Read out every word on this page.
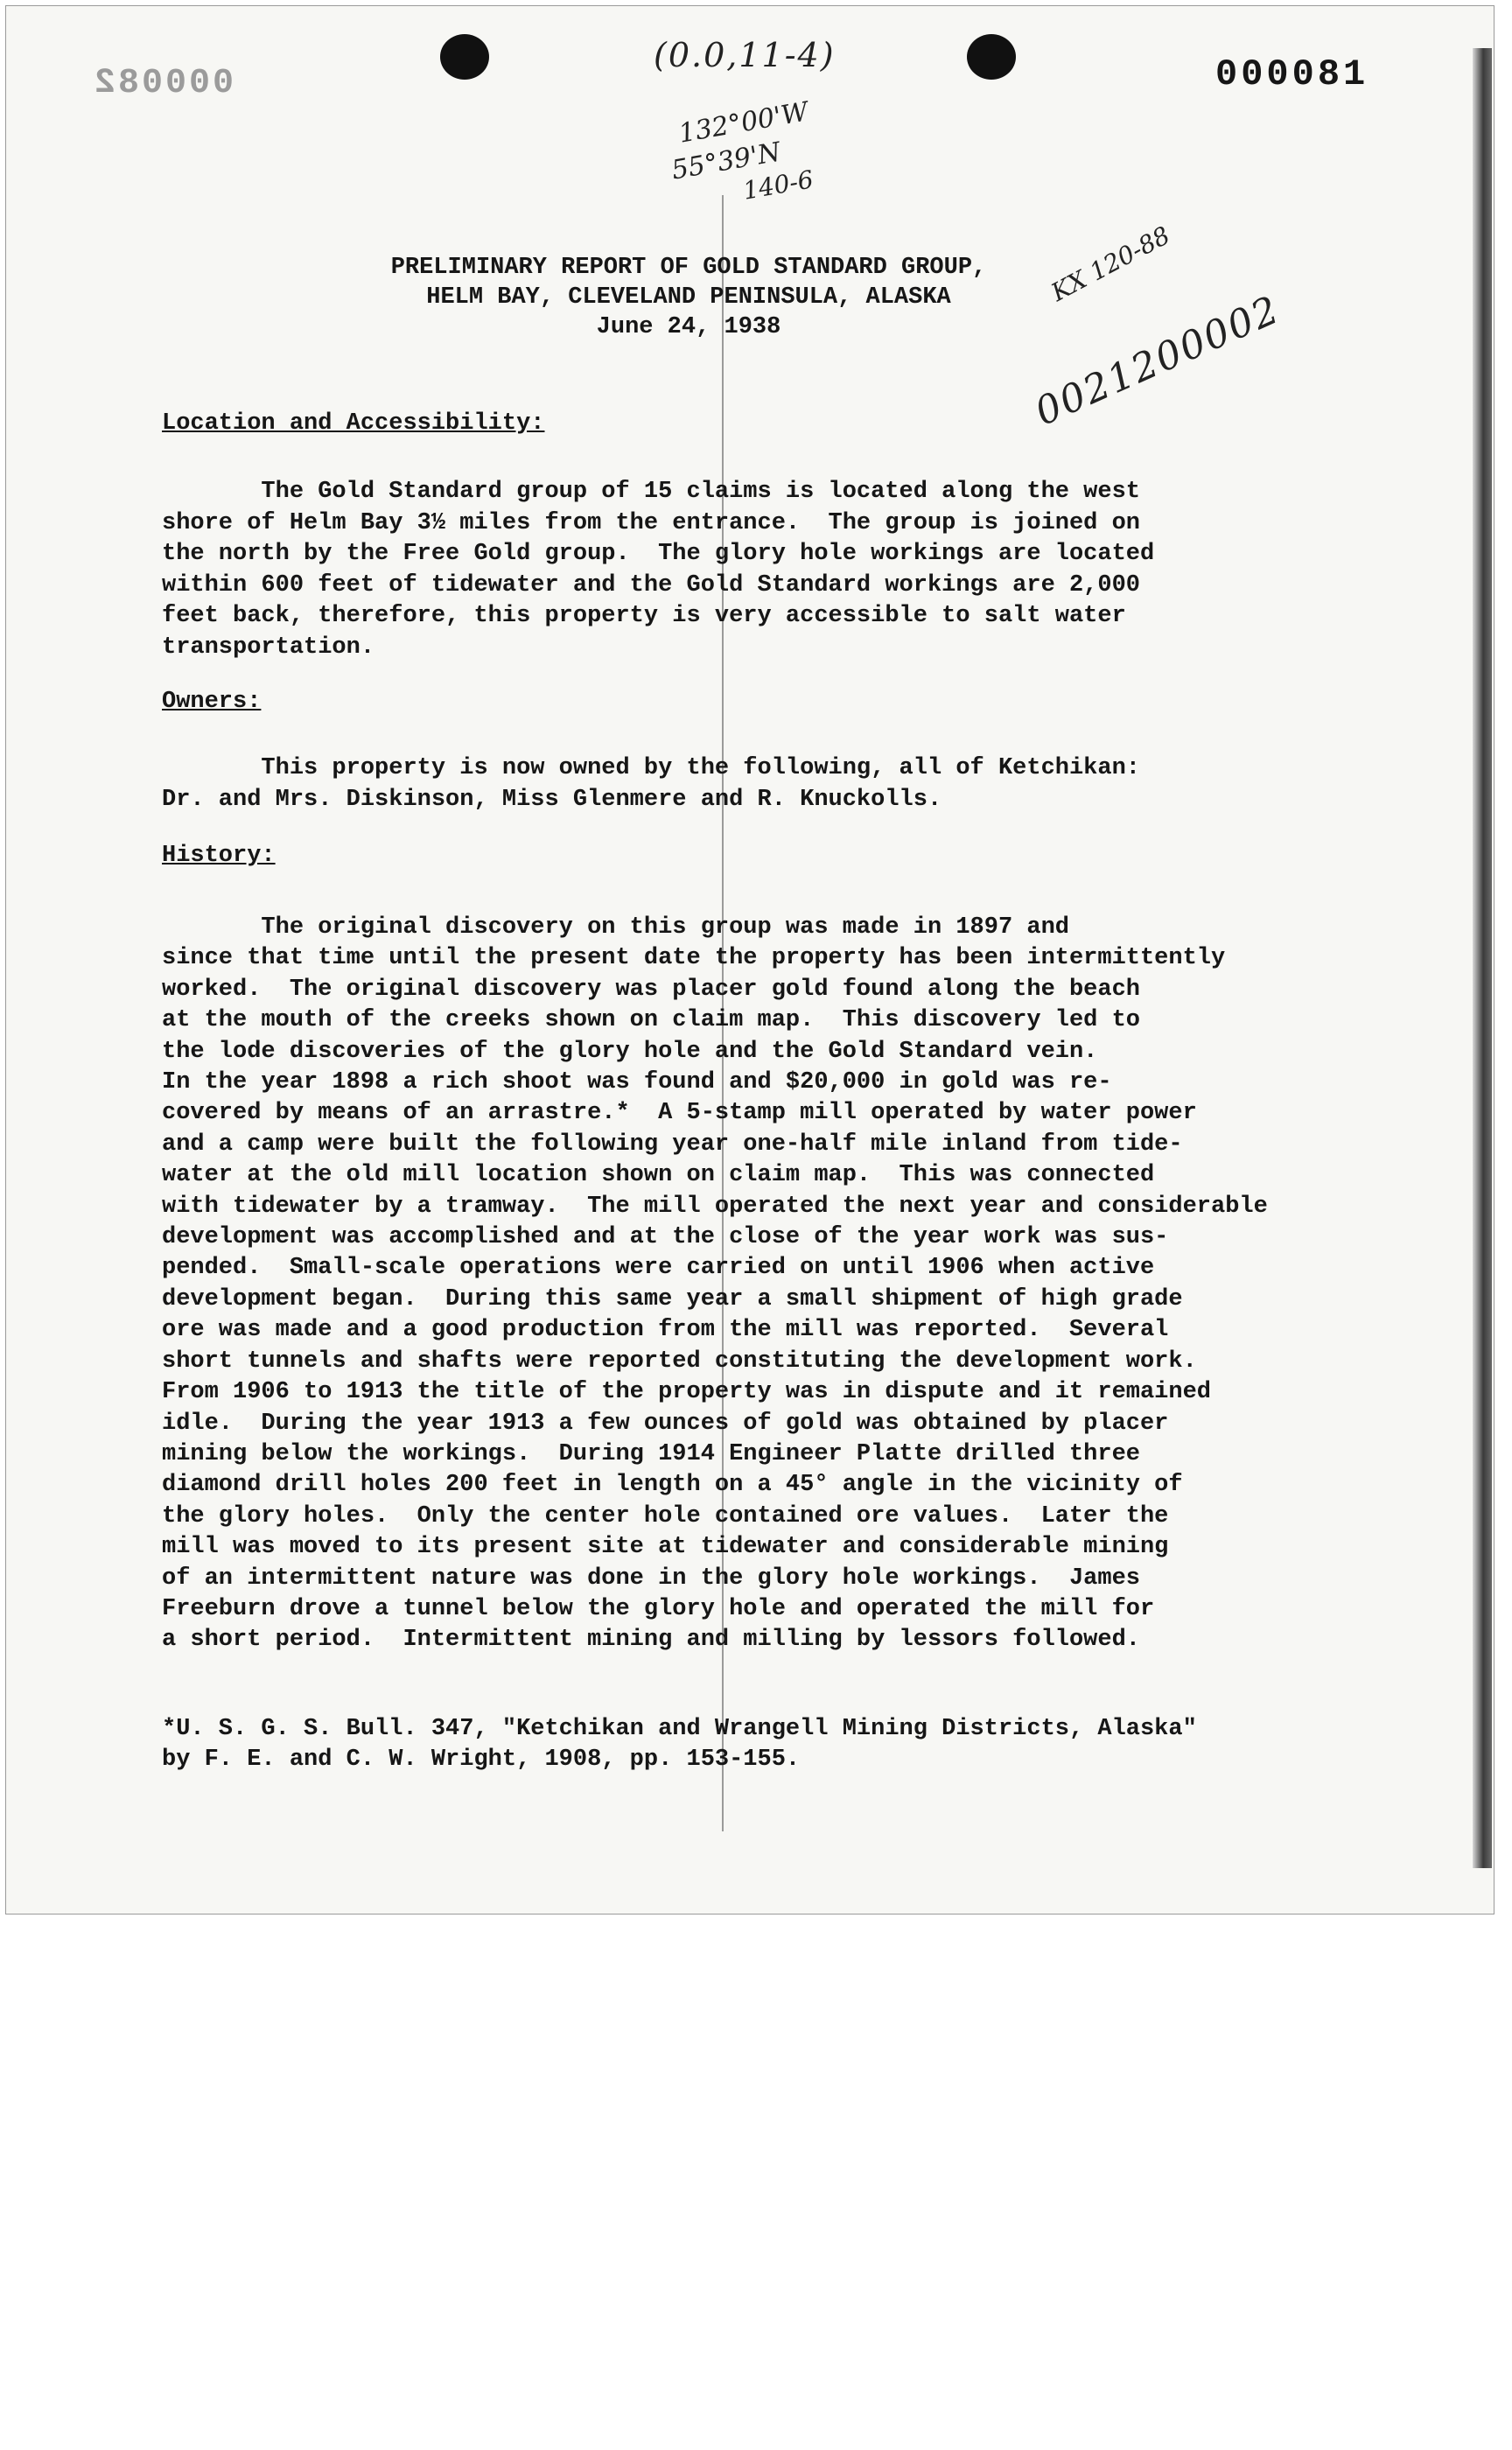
000082	000081
(0.0,11-4)
132°00'W
55°39'N
140-6
KX 120-88
0021200002
PRELIMINARY REPORT OF GOLD STANDARD GROUP,
HELM BAY, CLEVELAND PENINSULA, ALASKA
June 24, 1938
Location and Accessibility:
The Gold Standard group of 15 claims is located along the west
shore of Helm Bay 3½ miles from the entrance.  The group is joined on
the north by the Free Gold group.  The glory hole workings are located
within 600 feet of tidewater and the Gold Standard workings are 2,000
feet back, therefore, this property is very accessible to salt water
transportation.
Owners:
This property is now owned by the following, all of Ketchikan:
Dr. and Mrs. Diskinson, Miss Glenmere and R. Knuckolls.
History:
The original discovery on this group was made in 1897 and
since that time until the present date the property has been intermittently
worked.  The original discovery was placer gold found along the beach
at the mouth of the creeks shown on claim map.  This discovery led to
the lode discoveries of the glory hole and the Gold Standard vein.
In the year 1898 a rich shoot was found and $20,000 in gold was re-
covered by means of an arrastre.*  A 5-stamp mill operated by water power
and a camp were built the following year one-half mile inland from tide-
water at the old mill location shown on claim map.  This was connected
with tidewater by a tramway.  The mill operated the next year and considerable
development was accomplished and at the close of the year work was sus-
pended.  Small-scale operations were carried on until 1906 when active
development began.  During this same year a small shipment of high grade
ore was made and a good production from the mill was reported.  Several
short tunnels and shafts were reported constituting the development work.
From 1906 to 1913 the title of the property was in dispute and it remained
idle.  During the year 1913 a few ounces of gold was obtained by placer
mining below the workings.  During 1914 Engineer Platte drilled three
diamond drill holes 200 feet in length on a 45° angle in the vicinity of
the glory holes.  Only the center hole contained ore values.  Later the
mill was moved to its present site at tidewater and considerable mining
of an intermittent nature was done in the glory hole workings.  James
Freeburn drove a tunnel below the glory hole and operated the mill for
a short period.  Intermittent mining and milling by lessors followed.
*U. S. G. S. Bull. 347, "Ketchikan and Wrangell Mining Districts, Alaska"
by F. E. and C. W. Wright, 1908, pp. 153-155.
